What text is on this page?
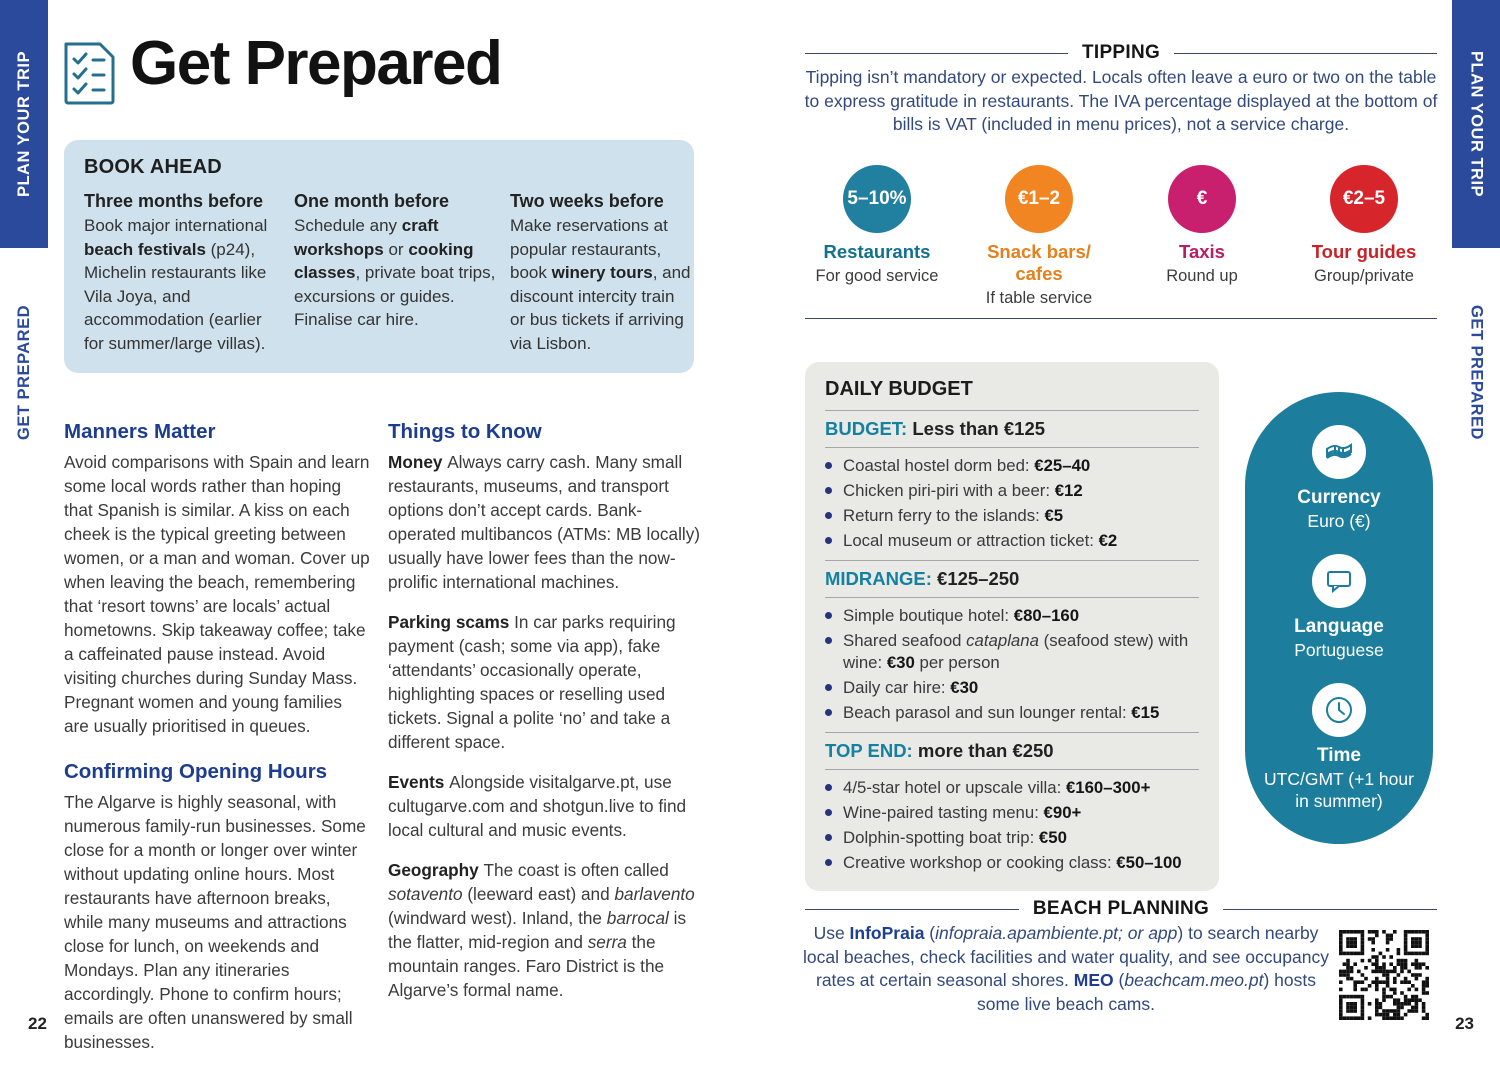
PLAN YOUR TRIP
GET PREPARED
PLAN YOUR TRIP
GET PREPARED
Get Prepared
BOOK AHEAD
Three months before
Book major international beach festivals (p24), Michelin restaurants like Vila Joya, and accommodation (earlier for summer/large villas).
One month before
Schedule any craft workshops or cooking classes, private boat trips, excursions or guides. Finalise car hire.
Two weeks before
Make reservations at popular restaurants, book winery tours, and discount intercity train or bus tickets if arriving via Lisbon.
Manners Matter

Avoid comparisons with Spain and learn some local words rather than hoping that Spanish is similar. A kiss on each cheek is the typical greeting between women, or a man and woman. Cover up when leaving the beach, remembering that ‘resort towns’ are locals’ actual hometowns. Skip takeaway coffee; take a caffeinated pause instead. Avoid visiting churches during Sunday Mass. Pregnant women and young families are usually prioritised in queues.

Confirming Opening Hours

The Algarve is highly seasonal, with numerous family-run businesses. Some close for a month or longer over winter without updating online hours. Most restaurants have afternoon breaks, while many museums and attractions close for lunch, on weekends and Mondays. Plan any itineraries accordingly. Phone to confirm hours; emails are often unanswered by small businesses.

Things to Know

Money Always carry cash. Many small restaurants, museums, and transport options don’t accept cards. Bank-operated multibancos (ATMs: MB locally) usually have lower fees than the now-prolific international machines.

Parking scams In car parks requiring payment (cash; some via app), fake ‘attendants’ occasionally operate, highlighting spaces or reselling used tickets. Signal a polite ‘no’ and take a different space.

Events Alongside visitalgarve.pt, use cultugarve.com and shotgun.live to find local cultural and music events.

Geography The coast is often called sotavento (leeward east) and barlavento (windward west). Inland, the barrocal is the flatter, mid-region and serra the mountain ranges. Faro District is the Algarve’s formal name.

TIPPING
Tipping isn’t mandatory or expected. Locals often leave a euro or two on the table to express gratitude in restaurants. The IVA percentage displayed at the bottom of bills is VAT (included in menu prices), not a service charge.
5–10%
Restaurants
For good service
€1–2
Snack bars/ cafes
If table service
€
Taxis
Round up
€2–5
Tour guides
Group/private
DAILY BUDGET
BUDGET: Less than €125
Coastal hostel dorm bed: €25–40
Chicken piri-piri with a beer: €12
Return ferry to the islands: €5
Local museum or attraction ticket: €2
MIDRANGE: €125–250
Simple boutique hotel: €80–160
Shared seafood cataplana (seafood stew) with wine: €30 per person
Daily car hire: €30
Beach parasol and sun lounger rental: €15
TOP END: more than €250
4/5-star hotel or upscale villa: €160–300+
Wine-paired tasting menu: €90+
Dolphin-spotting boat trip: €50
Creative workshop or cooking class: €50–100
Currency
Euro (€)
Language
Portuguese
Time
UTC/GMT (+1 hour in summer)
BEACH PLANNING
Use InfoPraia (infopraia.apambiente.pt; or app) to search nearby local beaches, check facilities and water quality, and see occupancy rates at certain seasonal shores. MEO (beachcam.meo.pt) hosts some live beach cams.
22	23
